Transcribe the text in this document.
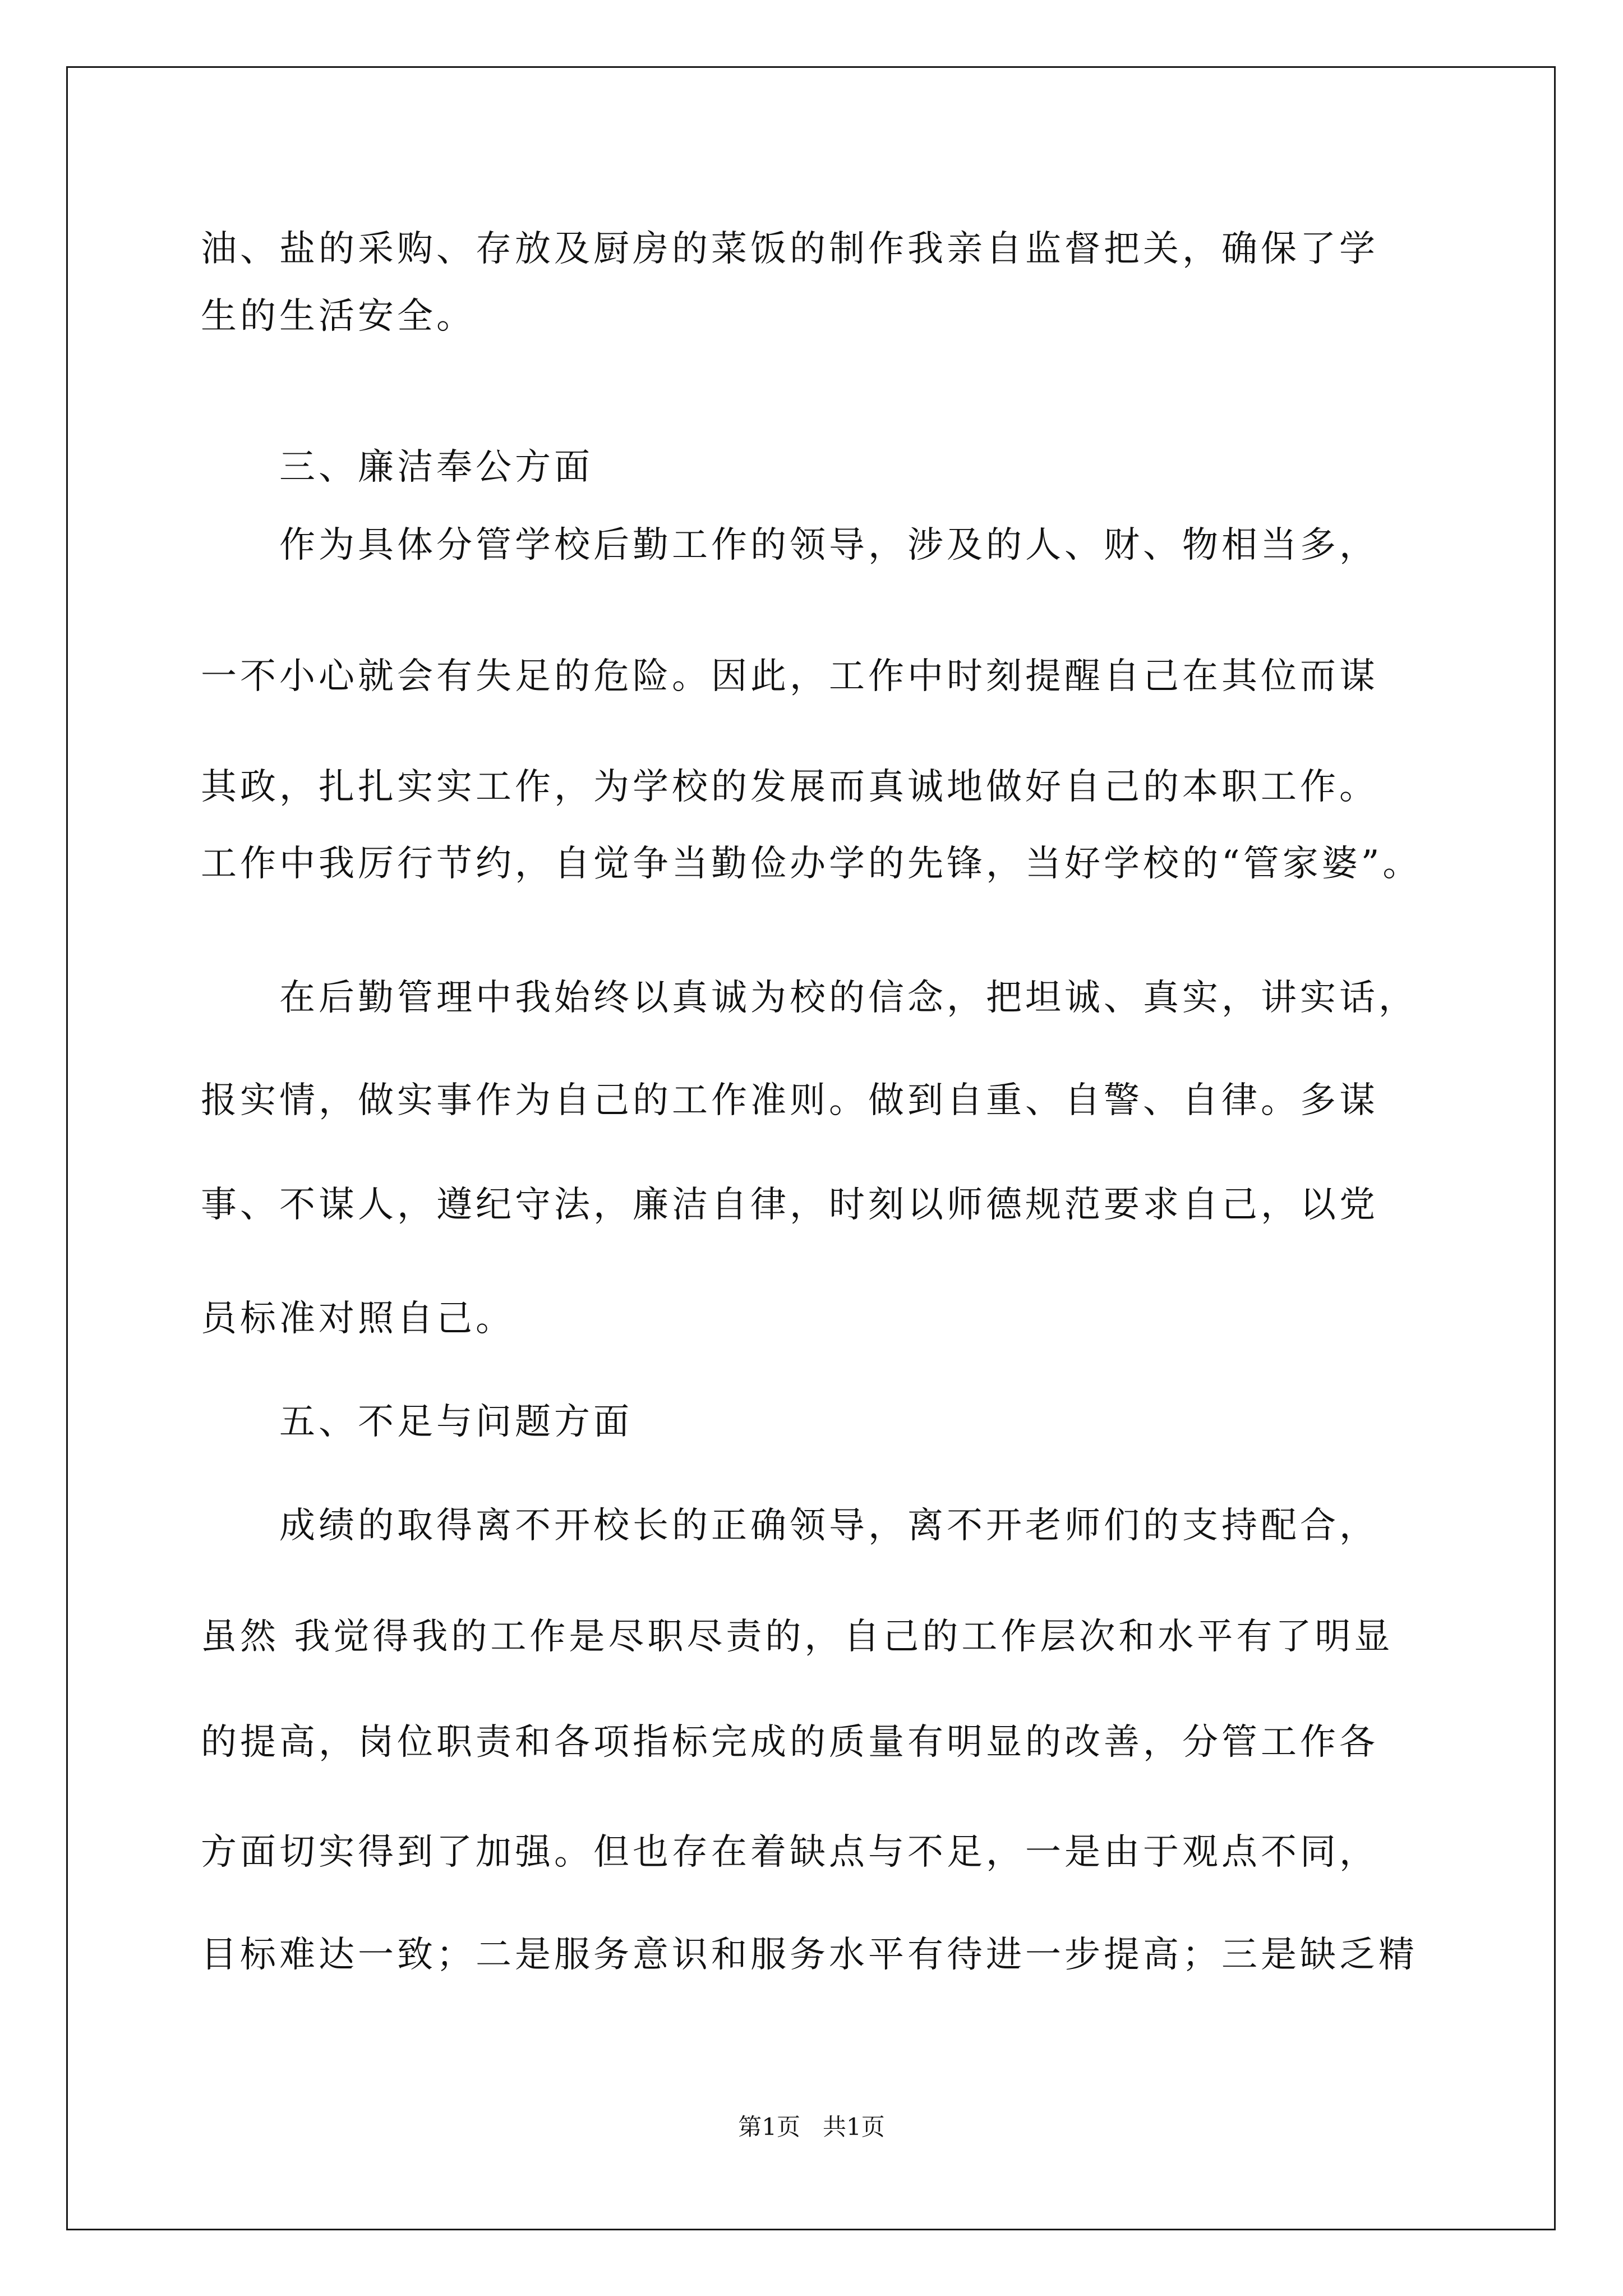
油、盐的采购、存放及厨房的菜饭的制作我亲自监督把关，确保了学
生的生活安全。
三、廉洁奉公方面
作为具体分管学校后勤工作的领导，涉及的人、财、物相当多，
一不小心就会有失足的危险。因此，工作中时刻提醒自己在其位而谋
其政，扎扎实实工作，为学校的发展而真诚地做好自己的本职工作。
工作中我厉行节约，自觉争当勤俭办学的先锋，当好学校的“管家婆”。
在后勤管理中我始终以真诚为校的信念，把坦诚、真实，讲实话，
报实情，做实事作为自己的工作准则。做到自重、自警、自律。多谋
事、不谋人，遵纪守法，廉洁自律，时刻以师德规范要求自己，以党
员标准对照自己。
五、不足与问题方面
成绩的取得离不开校长的正确领导，离不开老师们的支持配合，
虽然 我觉得我的工作是尽职尽责的，自己的工作层次和水平有了明显
的提高，岗位职责和各项指标完成的质量有明显的改善，分管工作各
方面切实得到了加强。但也存在着缺点与不足，一是由于观点不同，
目标难达一致；二是服务意识和服务水平有待进一步提高；三是缺乏精
第1页   共1页
